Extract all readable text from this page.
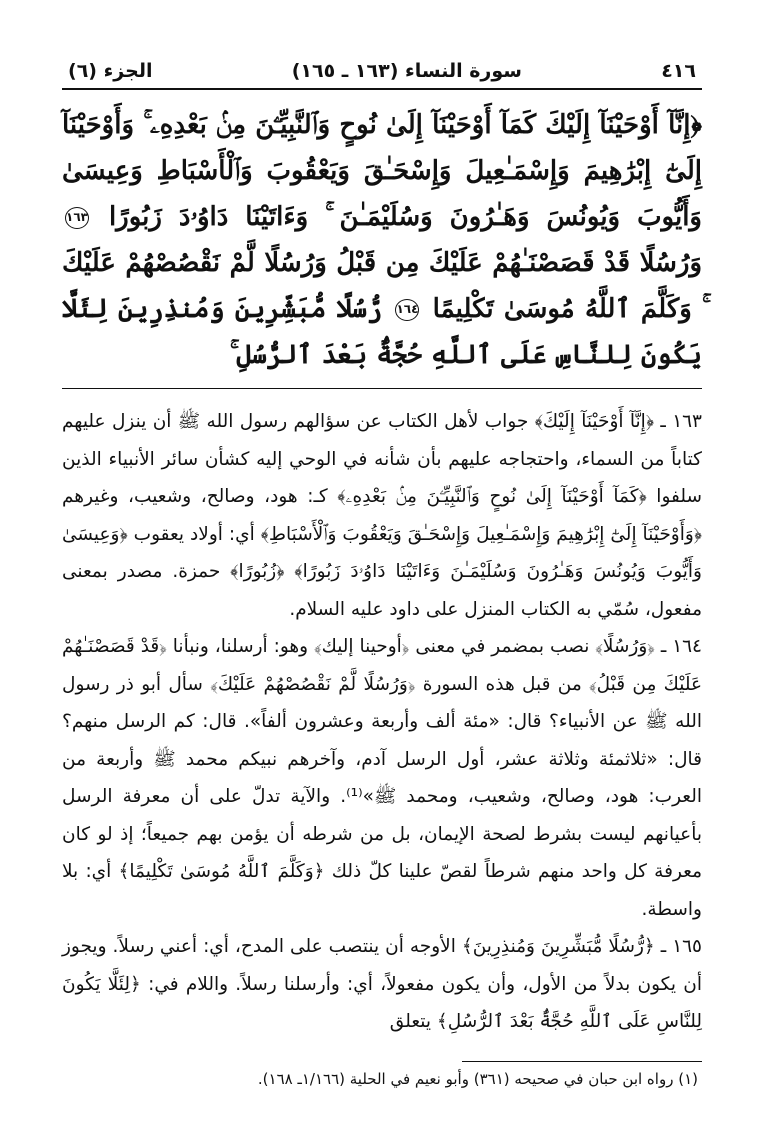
٤١٦
سورة النساء (١٦٣ ـ ١٦٥)
الجزء (٦)
﴿إِنَّآ أَوْحَيْنَآ إِلَيْكَ كَمَآ أَوْحَيْنَآ إِلَىٰ نُوحٍ وَٱلنَّبِيِّـۧنَ مِنۢ بَعْدِهِۦ ۚ وَأَوْحَيْنَآ إِلَىٰٓ إِبْرَٰهِيمَ وَإِسْمَـٰعِيلَ وَإِسْحَـٰقَ وَيَعْقُوبَ وَٱلْأَسْبَاطِ وَعِيسَىٰ وَأَيُّوبَ وَيُونُسَ وَهَـٰرُونَ وَسُلَيْمَـٰنَ ۚ وَءَاتَيْنَا دَاوُۥدَ زَبُورًا ١٦٣ وَرُسُلًا قَدْ قَصَصْنَـٰهُمْ عَلَيْكَ مِن قَبْلُ وَرُسُلًا لَّمْ نَقْصُصْهُمْ عَلَيْكَ ۚ وَكَلَّمَ ٱللَّهُ مُوسَىٰ تَكْلِيمًا ١٦٤ رُّسُلًا مُّبَشِّرِينَ وَمُنذِرِينَ لِئَلَّا يَكُونَ لِلنَّاسِ عَلَى ٱللَّهِ حُجَّةٌۢ بَعْدَ ٱلرُّسُلِ ۚ

١٦٣ ـ ﴿إِنَّآ أَوْحَيْنَآ إِلَيْكَ﴾ جواب لأهل الكتاب عن سؤالهم رسول الله ﷺ أن ينزل عليهم كتاباً من السماء، واحتجاجه عليهم بأن شأنه في الوحي إليه كشأن سائر الأنبياء الذين سلفوا ﴿كَمَآ أَوْحَيْنَآ إِلَىٰ نُوحٍ وَٱلنَّبِيِّـۧنَ مِنۢ بَعْدِهِۦ﴾ كـ: هود، وصالح، وشعيب، وغيرهم ﴿وَأَوْحَيْنَآ إِلَىٰٓ إِبْرَٰهِيمَ وَإِسْمَـٰعِيلَ وَإِسْحَـٰقَ وَيَعْقُوبَ وَٱلْأَسْبَاطِ﴾ أي: أولاد يعقوب ﴿وَعِيسَىٰ وَأَيُّوبَ وَيُونُسَ وَهَـٰرُونَ وَسُلَيْمَـٰنَ وَءَاتَيْنَا دَاوُۥدَ زَبُورًا﴾ ﴿زُبُورًا﴾ حمزة. مصدر بمعنى مفعول، سُمّي به الكتاب المنزل على داود عليه السلام.

١٦٤ ـ ﴿وَرُسُلًا﴾ نصب بمضمر في معنى ﴿أوحينا إليك﴾ وهو: أرسلنا، ونبأنا ﴿قَدْ قَصَصْنَـٰهُمْ عَلَيْكَ مِن قَبْلُ﴾ من قبل هذه السورة ﴿وَرُسُلًا لَّمْ نَقْصُصْهُمْ عَلَيْكَ﴾ سأل أبو ذر رسول الله ﷺ عن الأنبياء؟ قال: «مئة ألف وأربعة وعشرون ألفاً». قال: كم الرسل منهم؟ قال: «ثلاثمئة وثلاثة عشر، أول الرسل آدم، وآخرهم نبيكم محمد ﷺ وأربعة من العرب: هود، وصالح، وشعيب، ومحمد ﷺ»⁽¹⁾. والآية تدلّ على أن معرفة الرسل بأعيانهم ليست بشرط لصحة الإيمان، بل من شرطه أن يؤمن بهم جميعاً؛ إذ لو كان معرفة كل واحد منهم شرطاً لقصّ علينا كلّ ذلك ﴿وَكَلَّمَ ٱللَّهُ مُوسَىٰ تَكْلِيمًا﴾ أي: بلا واسطة.

١٦٥ ـ ﴿رُّسُلًا مُّبَشِّرِينَ وَمُنذِرِينَ﴾ الأوجه أن ينتصب على المدح، أي: أعني رسلاً. ويجوز أن يكون بدلاً من الأول، وأن يكون مفعولاً، أي: وأرسلنا رسلاً. واللام في: ﴿لِئَلَّا يَكُونَ لِلنَّاسِ عَلَى ٱللَّهِ حُجَّةٌۢ بَعْدَ ٱلرُّسُلِ﴾ يتعلق

(١) رواه ابن حبان في صحيحه (٣٦١) وأبو نعيم في الحلية (١/١٦٦ـ ١٦٨).
